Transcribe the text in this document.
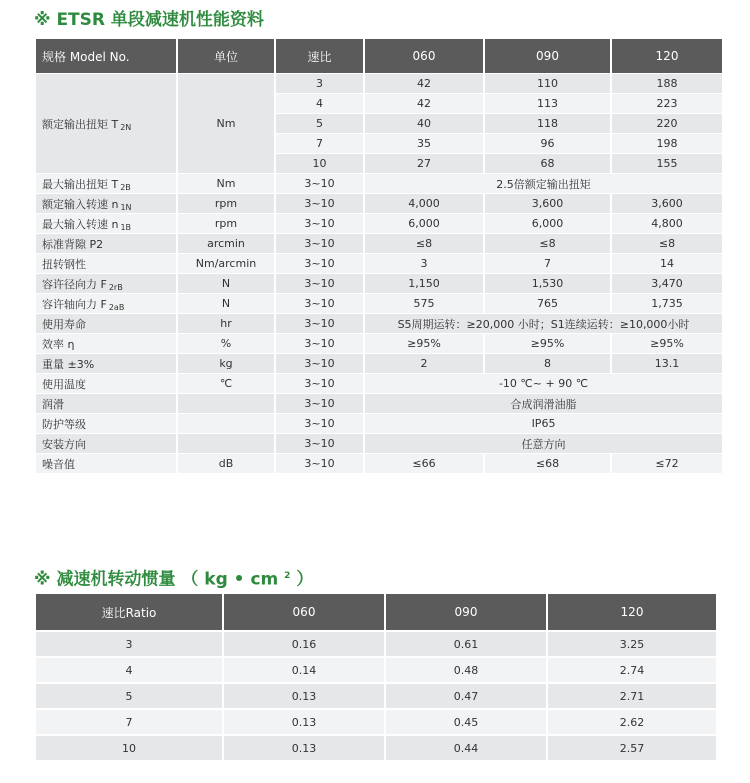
※ ETSR 单段减速机性能资料
规格 Model No.	单位	速比	060	090	120
额定输出扭矩 T $_{2N}$	Nm	3	42	110	188
		4	42	113	223
		5	40	118	220
		7	35	96	198
		10	27	68	155
最大输出扭矩 T $_{2B}$	Nm	3~10	2.5倍额定输出扭矩		
额定输入转速 n $_{1N}$	rpm	3~10	4,000	3,600	3,600
最大输入转速 n $_{1B}$	rpm	3~10	6,000	6,000	4,800
标准背隙 P2	arcmin	3~10	≤8	≤8	≤8
扭转钢性	Nm/arcmin	3~10	3	7	14
容许径向力 F $_{2rB}$	N	3~10	1,150	1,530	3,470
容许轴向力 F $_{2aB}$	N	3~10	575	765	1,735
使用寿命	hr	3~10	S5周期运转：≥20,000 小时；S1连续运转：≥10,000小时		
效率 η	%	3~10	≥95%	≥95%	≥95%
重量 ±3%	kg	3~10	2	8	13.1
使用温度	℃	3~10	-10 ℃~ + 90 ℃		
润滑		3~10	合成润滑油脂		
防护等级		3~10	IP65		
安装方向		3~10	任意方向		
噪音值	dB	3~10	≤66	≤68	≤72
※ 减速机转动惯量 （ kg • cm $^2$ ）
速比Ratio	060	090	120
3	0.16	0.61	3.25
4	0.14	0.48	2.74
5	0.13	0.47	2.71
7	0.13	0.45	2.62
10	0.13	0.44	2.57
